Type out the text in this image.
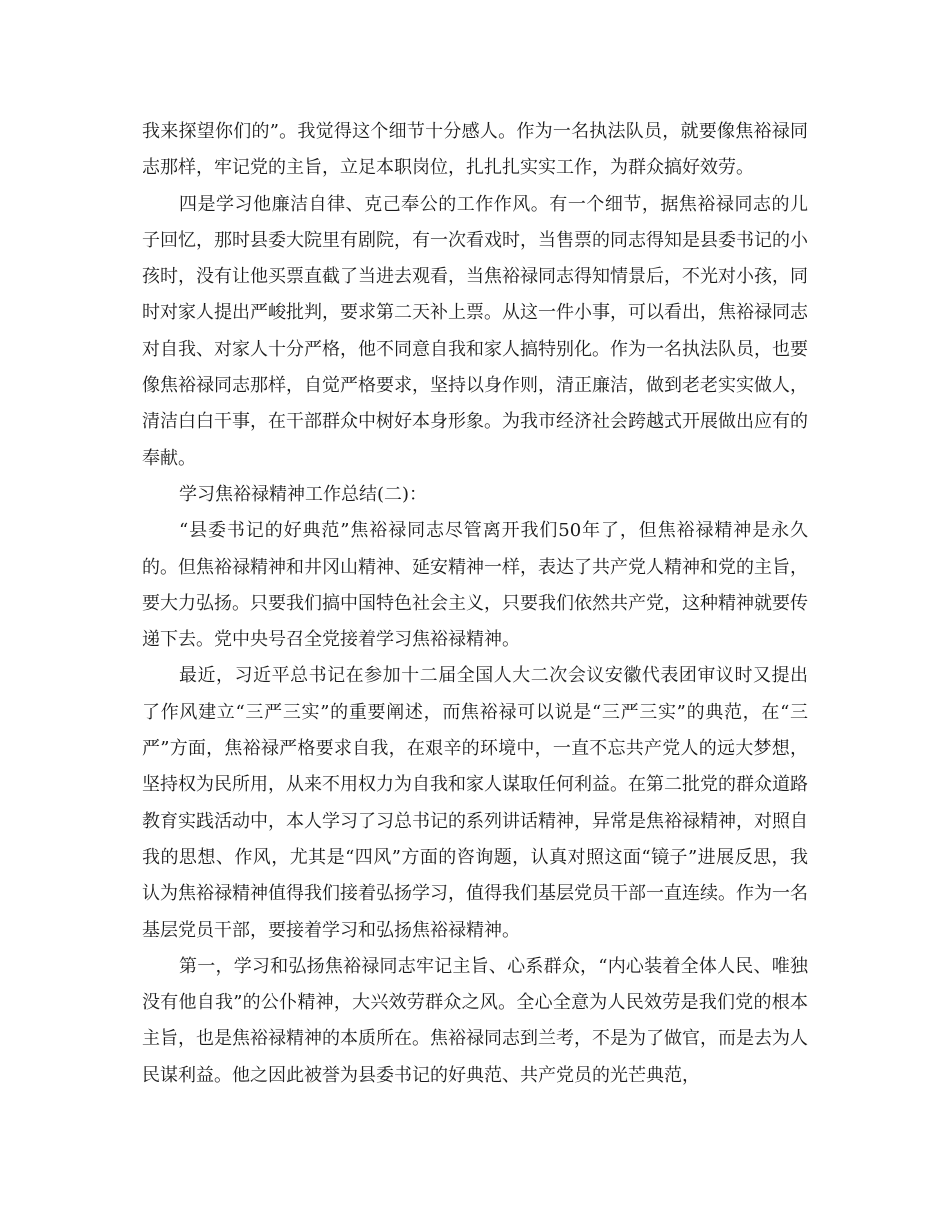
我来探望你们的”。我觉得这个细节十分感人。作为一名执法队员，就要像焦裕禄同志那样，牢记党的主旨，立足本职岗位，扎扎扎实实工作，为群众搞好效劳。

四是学习他廉洁自律、克己奉公的工作作风。有一个细节，据焦裕禄同志的儿子回忆，那时县委大院里有剧院，有一次看戏时，当售票的同志得知是县委书记的小孩时，没有让他买票直截了当进去观看，当焦裕禄同志得知情景后，不光对小孩，同时对家人提出严峻批判，要求第二天补上票。从这一件小事，可以看出，焦裕禄同志对自我、对家人十分严格，他不同意自我和家人搞特别化。作为一名执法队员，也要像焦裕禄同志那样，自觉严格要求，坚持以身作则，清正廉洁，做到老老实实做人，清洁白白干事，在干部群众中树好本身形象。为我市经济社会跨越式开展做出应有的奉献。

学习焦裕禄精神工作总结(二)：

“县委书记的好典范”焦裕禄同志尽管离开我们50年了，但焦裕禄精神是永久的。但焦裕禄精神和井冈山精神、延安精神一样，表达了共产党人精神和党的主旨，要大力弘扬。只要我们搞中国特色社会主义，只要我们依然共产党，这种精神就要传递下去。党中央号召全党接着学习焦裕禄精神。

最近，习近平总书记在参加十二届全国人大二次会议安徽代表团审议时又提出了作风建立“三严三实”的重要阐述，而焦裕禄可以说是“三严三实”的典范，在“三严”方面，焦裕禄严格要求自我，在艰辛的环境中，一直不忘共产党人的远大梦想，坚持权为民所用，从来不用权力为自我和家人谋取任何利益。在第二批党的群众道路教育实践活动中，本人学习了习总书记的系列讲话精神，异常是焦裕禄精神，对照自我的思想、作风，尤其是“四风”方面的咨询题，认真对照这面“镜子”进展反思，我认为焦裕禄精神值得我们接着弘扬学习，值得我们基层党员干部一直连续。作为一名基层党员干部，要接着学习和弘扬焦裕禄精神。

第一，学习和弘扬焦裕禄同志牢记主旨、心系群众，“内心装着全体人民、唯独没有他自我”的公仆精神，大兴效劳群众之风。全心全意为人民效劳是我们党的根本主旨，也是焦裕禄精神的本质所在。焦裕禄同志到兰考，不是为了做官，而是去为人民谋利益。他之因此被誉为县委书记的好典范、共产党员的光芒典范，
